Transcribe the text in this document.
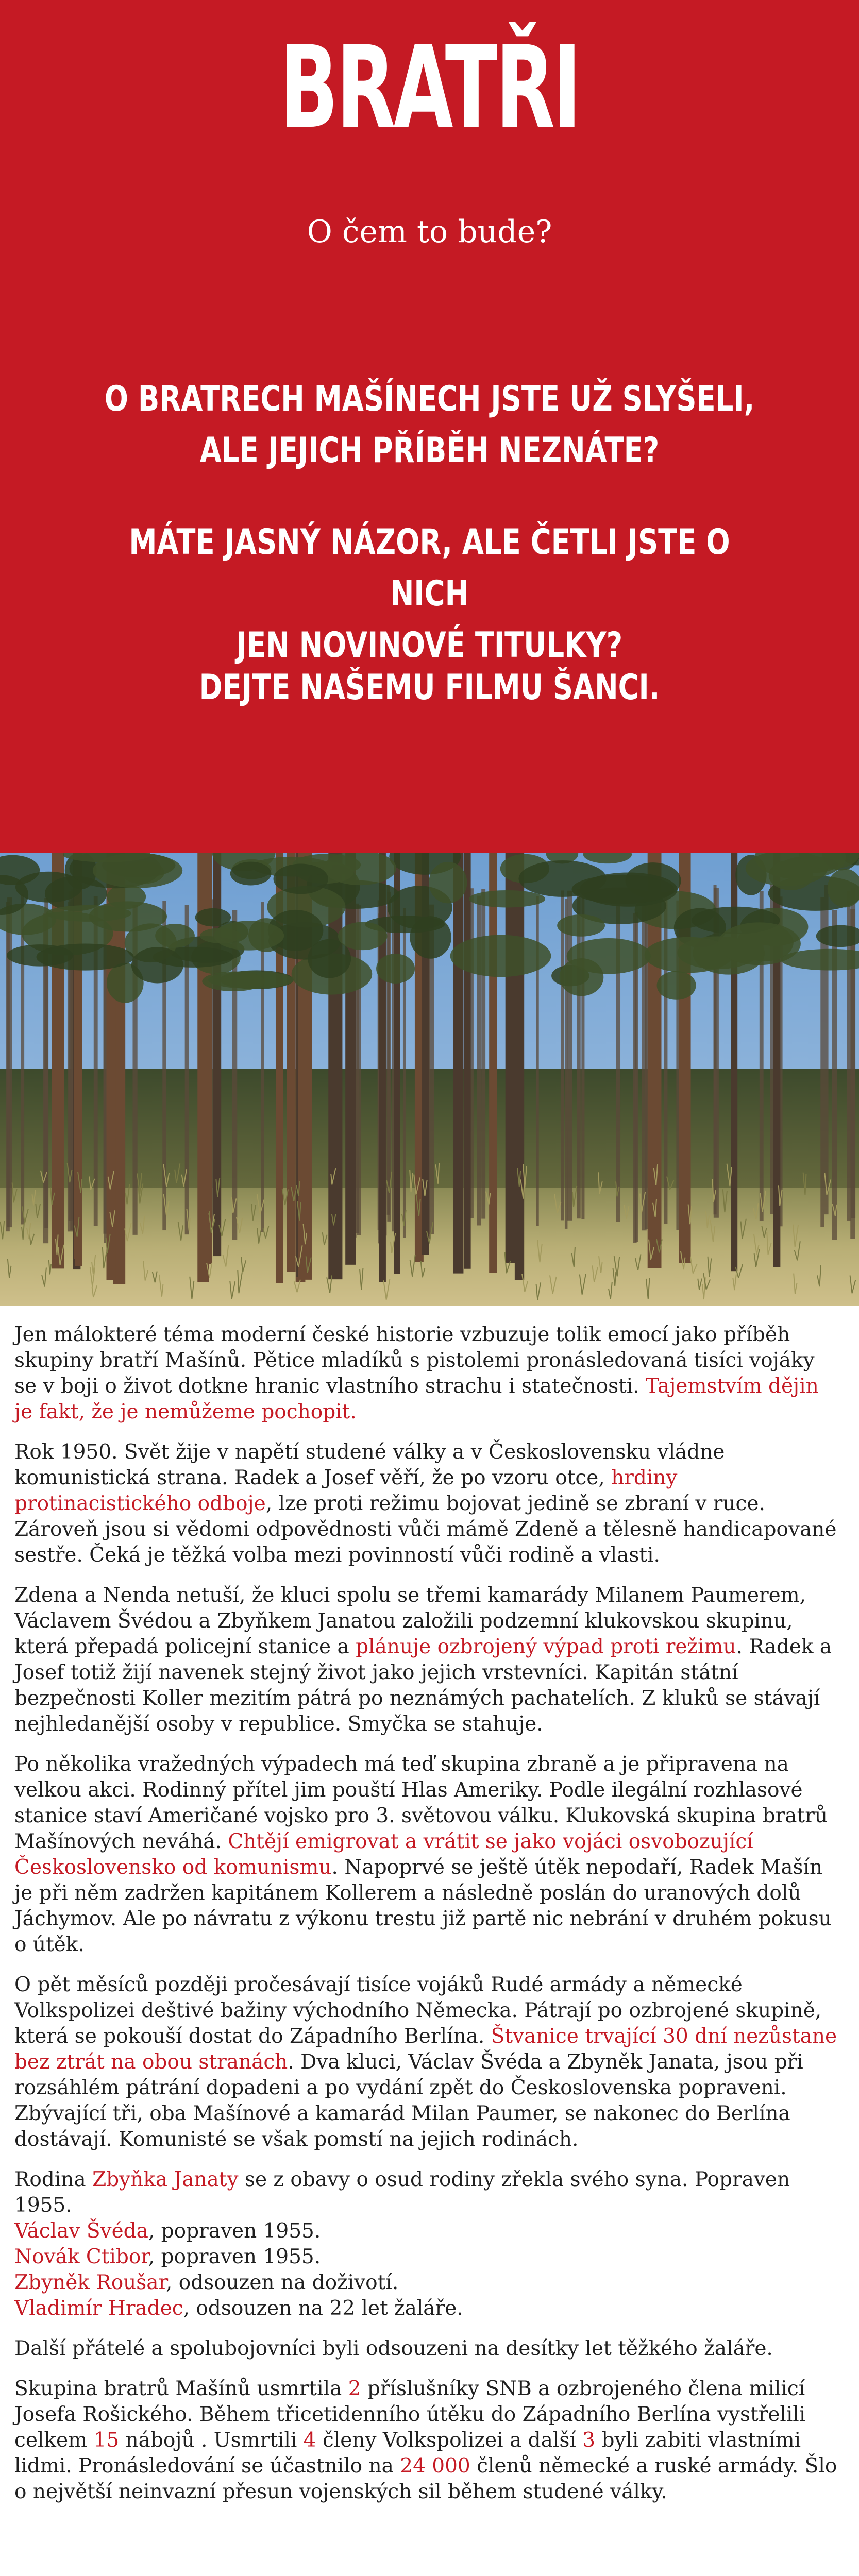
BRATŘI
O čem to bude?
O BRATRECH MAŠÍNECH JSTE UŽ SLYŠELI,
ALE JEJICH PŘÍBĚH NEZNÁTE?
MÁTE JASNÝ NÁZOR, ALE ČETLI JSTE O NICH
JEN NOVINOVÉ TITULKY?
DEJTE NAŠEMU FILMU ŠANCI.

Jen málokteré téma moderní české historie vzbuzuje tolik emocí jako příběh skupiny bratří Mašínů. Pětice mladíků s pistolemi pronásledovaná tisíci vojáky se v boji o život dotkne hranic vlastního strachu i statečnosti. Tajemstvím dějin je fakt, že je nemůžeme pochopit.

Rok 1950. Svět žije v napětí studené války a v Československu vládne komunistická strana. Radek a Josef věří, že po vzoru otce, hrdiny protinacistického odboje, lze proti režimu bojovat jedině se zbraní v ruce. Zároveň jsou si vědomi odpovědnosti vůči mámě Zdeně a tělesně handicapované sestře. Čeká je těžká volba mezi povinností vůči rodině a vlasti.

Zdena a Nenda netuší, že kluci spolu se třemi kamarády Milanem Paumerem, Václavem Švédou a Zbyňkem Janatou založili podzemní klukovskou skupinu, která přepadá policejní stanice a plánuje ozbrojený výpad proti režimu. Radek a Josef totiž žijí navenek stejný život jako jejich vrstevníci. Kapitán státní bezpečnosti Koller mezitím pátrá po neznámých pachatelích. Z kluků se stávají nejhledanější osoby v republice. Smyčka se stahuje.

Po několika vražedných výpadech má teď skupina zbraně a je připravena na velkou akci. Rodinný přítel jim pouští Hlas Ameriky. Podle ilegální rozhlasové stanice staví Američané vojsko pro 3. světovou válku. Klukovská skupina bratrů Mašínových neváhá. Chtějí emigrovat a vrátit se jako vojáci osvobozující Československo od komunismu. Napoprvé se ještě útěk nepodaří, Radek Mašín je při něm zadržen kapitánem Kollerem a následně poslán do uranových dolů Jáchymov. Ale po návratu z výkonu trestu již partě nic nebrání v druhém pokusu o útěk.

O pět měsíců později pročesávají tisíce vojáků Rudé armády a německé Volkspolizei deštivé bažiny východního Německa. Pátrají po ozbrojené skupině, která se pokouší dostat do Západního Berlína. Štvanice trvající 30 dní nezůstane bez ztrát na obou stranách. Dva kluci, Václav Švéda a Zbyněk Janata, jsou při rozsáhlém pátrání dopadeni a po vydání zpět do Československa popraveni. Zbývající tři, oba Mašínové a kamarád Milan Paumer, se nakonec do Berlína dostávají. Komunisté se však pomstí na jejich rodinách.

Rodina Zbyňka Janaty se z obavy o osud rodiny zřekla svého syna. Popraven 1955.
Václav Švéda, popraven 1955.
Novák Ctibor, popraven 1955.
Zbyněk Roušar, odsouzen na doživotí.
Vladimír Hradec, odsouzen na 22 let žaláře.

Další přátelé a spolubojovníci byli odsouzeni na desítky let těžkého žaláře.

Skupina bratrů Mašínů usmrtila 2 příslušníky SNB a ozbrojeného člena milicí Josefa Rošického. Během třicetidenního útěku do Západního Berlína vystřelili celkem 15 nábojů . Usmrtili 4 členy Volkspolizei a další 3 byli zabiti vlastními lidmi. Pronásledování se účastnilo na 24 000 členů německé a ruské armády. Šlo o největší neinvazní přesun vojenských sil během studené války.
